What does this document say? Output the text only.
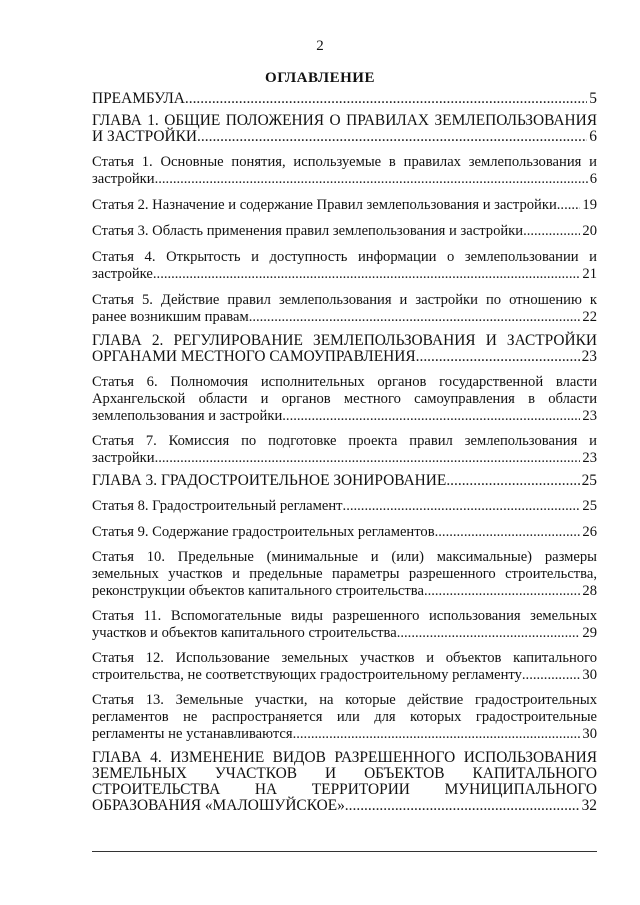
2
ОГЛАВЛЕНИЕ
ПРЕАМБУЛА .....	5
ГЛАВА 1. ОБЩИЕ ПОЛОЖЕНИЯ О ПРАВИЛАХ ЗЕМЛЕПОЛЬЗОВАНИЯ
И ЗАСТРОЙКИ .....	6
Статья 1. Основные понятия, используемые в правилах землепользования и
застройки .....	6
Статья 2. Назначение и содержание Правил землепользования и застройки ..... 19
Статья 3. Область применения правил землепользования и застройки .....	20
Статья 4. Открытость и доступность информации о землепользовании и
застройке .....	21
Статья 5. Действие правил землепользования и застройки по отношению к
ранее возникшим правам .....	22
ГЛАВА 2. РЕГУЛИРОВАНИЕ ЗЕМЛЕПОЛЬЗОВАНИЯ И ЗАСТРОЙКИ
ОРГАНАМИ МЕСТНОГО САМОУПРАВЛЕНИЯ .....	23
Статья 6. Полномочия исполнительных органов государственной власти
Архангельской области и органов местного самоуправления в области
землепользования и застройки .....	23
Статья 7. Комиссия по подготовке проекта правил землепользования и
застройки .....	23
ГЛАВА 3. ГРАДОСТРОИТЕЛЬНОЕ ЗОНИРОВАНИЕ .....	25
Статья 8. Градостроительный регламент .....	25
Статья 9. Содержание градостроительных регламентов .....	26
Статья 10. Предельные (минимальные и (или) максимальные) размеры
земельных участков и предельные параметры разрешенного строительства,
реконструкции объектов капитального строительства .....	28
Статья 11. Вспомогательные виды разрешенного использования земельных
участков и объектов капитального строительства .....	29
Статья 12. Использование земельных участков и объектов капитального
строительства, не соответствующих градостроительному регламенту .....	30
Статья 13. Земельные участки, на которые действие градостроительных
регламентов не распространяется или для которых градостроительные
регламенты не устанавливаются .....	30
ГЛАВА 4. ИЗМЕНЕНИЕ ВИДОВ РАЗРЕШЕННОГО ИСПОЛЬЗОВАНИЯ
ЗЕМЕЛЬНЫХ УЧАСТКОВ И ОБЪЕКТОВ КАПИТАЛЬНОГО
СТРОИТЕЛЬСТВА НА ТЕРРИТОРИИ МУНИЦИПАЛЬНОГО
ОБРАЗОВАНИЯ «МАЛОШУЙСКОЕ» .....	32
